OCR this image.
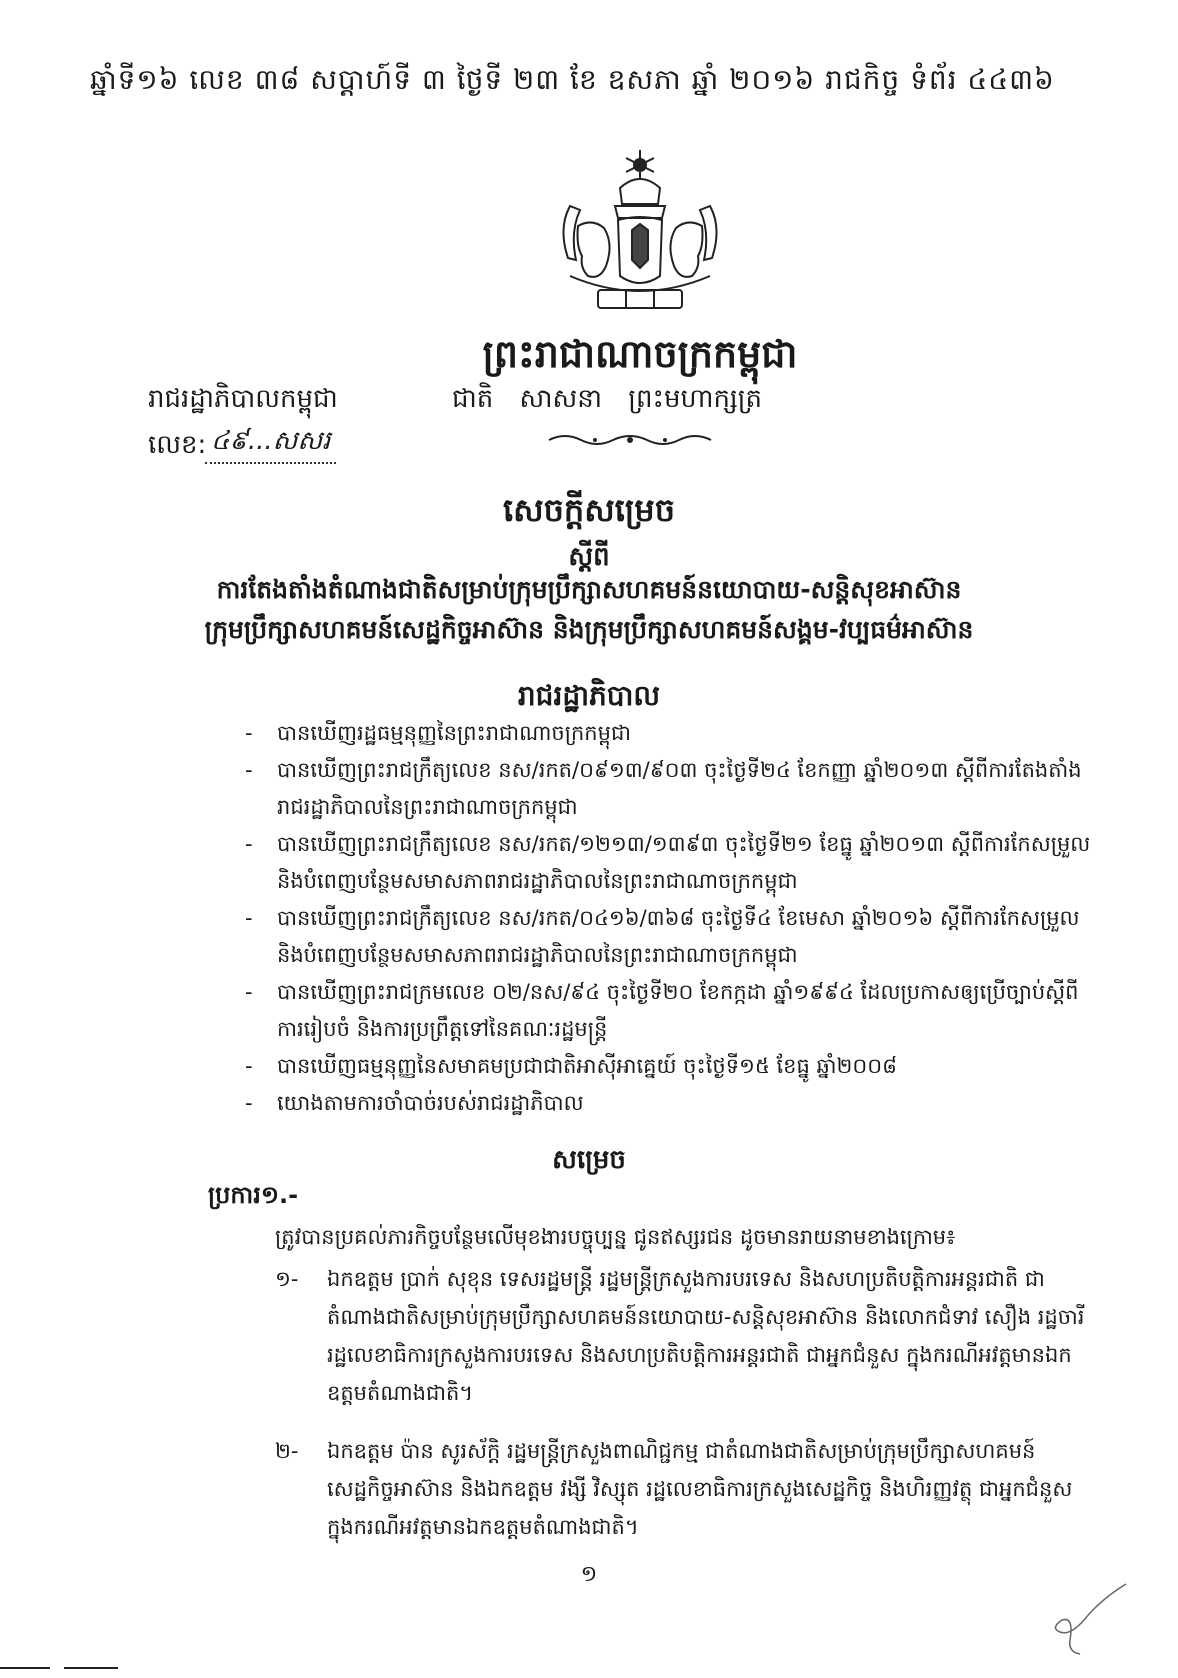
ឆ្នាំទី១៦ លេខ ៣៨ សប្ដាហ៍ទី ៣ ថ្ងៃទី ២៣ ខែ ឧសភា ឆ្នាំ ២០១៦ រាជកិច្ច ទំព័រ ៤៤៣៦
ព្រះរាជាណាចក្រកម្ពុជា
រាជរដ្ឋាភិបាលកម្ពុជា	ជាតិ សាសនា ព្រះមហាក្សត្រ
លេខ: ៤៩...សសរ
សេចក្តីសម្រេច
ស្តីពី
ការតែងតាំងតំណាងជាតិសម្រាប់ក្រុមប្រឹក្សាសហគមន៍នយោបាយ-សន្តិសុខអាស៊ាន
ក្រុមប្រឹក្សាសហគមន៍សេដ្ឋកិច្ចអាស៊ាន និងក្រុមប្រឹក្សាសហគមន៍សង្គម-វប្បធម៌អាស៊ាន
រាជរដ្ឋាភិបាល
- បានឃើញរដ្ឋធម្មនុញ្ញនៃព្រះរាជាណាចក្រកម្ពុជា
- បានឃើញព្រះរាជក្រឹត្យលេខ នស/រកត/០៩១៣/៩០៣ ចុះថ្ងៃទី២៤ ខែកញ្ញា ឆ្នាំ២០១៣ ស្តីពីការតែងតាំងរាជរដ្ឋាភិបាលនៃព្រះរាជាណាចក្រកម្ពុជា
- បានឃើញព្រះរាជក្រឹត្យលេខ នស/រកត/១២១៣/១៣៩៣ ចុះថ្ងៃទី២១ ខែធ្នូ ឆ្នាំ២០១៣ ស្តីពីការកែសម្រួល និងបំពេញបន្ថែមសមាសភាពរាជរដ្ឋាភិបាលនៃព្រះរាជាណាចក្រកម្ពុជា
- បានឃើញព្រះរាជក្រឹត្យលេខ នស/រកត/០៤១៦/៣៦៨ ចុះថ្ងៃទី៤ ខែមេសា ឆ្នាំ២០១៦ ស្តីពីការកែសម្រួល និងបំពេញបន្ថែមសមាសភាពរាជរដ្ឋាភិបាលនៃព្រះរាជាណាចក្រកម្ពុជា
- បានឃើញព្រះរាជក្រមលេខ ០២/នស/៩៤ ចុះថ្ងៃទី២០ ខែកក្កដា ឆ្នាំ១៩៩៤ ដែលប្រកាសឲ្យប្រើច្បាប់ស្តីពីការរៀបចំ និងការប្រព្រឹត្តទៅនៃគណៈរដ្ឋមន្ត្រី
- បានឃើញធម្មនុញ្ញនៃសមាគមប្រជាជាតិអាស៊ីអាគ្នេយ៍ ចុះថ្ងៃទី១៥ ខែធ្នូ ឆ្នាំ២០០៨
- យោងតាមការចាំបាច់របស់រាជរដ្ឋាភិបាល
សម្រេច
ប្រការ១.-
ត្រូវបានប្រគល់ភារកិច្ចបន្ថែមលើមុខងារបច្ចុប្បន្ន ជូនឥស្សរជន ដូចមានរាយនាមខាងក្រោម៖
១- ឯកឧត្តម ប្រាក់ សុខុន ទេសរដ្ឋមន្ត្រី រដ្ឋមន្ត្រីក្រសួងការបរទេស និងសហប្រតិបត្តិការអន្តរជាតិ ជាតំណាងជាតិសម្រាប់ក្រុមប្រឹក្សាសហគមន៍នយោបាយ-សន្តិសុខអាស៊ាន និងលោកជំទាវ សឿង រដ្ឋចារី រដ្ឋលេខាធិការក្រសួងការបរទេស និងសហប្រតិបត្តិការអន្តរជាតិ ជាអ្នកជំនួស ក្នុងករណីអវត្តមានឯកឧត្តមតំណាងជាតិ។
២- ឯកឧត្តម ប៉ាន សូរស័ក្តិ រដ្ឋមន្ត្រីក្រសួងពាណិជ្ជកម្ម ជាតំណាងជាតិសម្រាប់ក្រុមប្រឹក្សាសហគមន៍សេដ្ឋកិច្ចអាស៊ាន និងឯកឧត្តម វង្សី វិស្សុត រដ្ឋលេខាធិការក្រសួងសេដ្ឋកិច្ច និងហិរញ្ញវត្ថុ ជាអ្នកជំនួស ក្នុងករណីអវត្តមានឯកឧត្តមតំណាងជាតិ។
១
